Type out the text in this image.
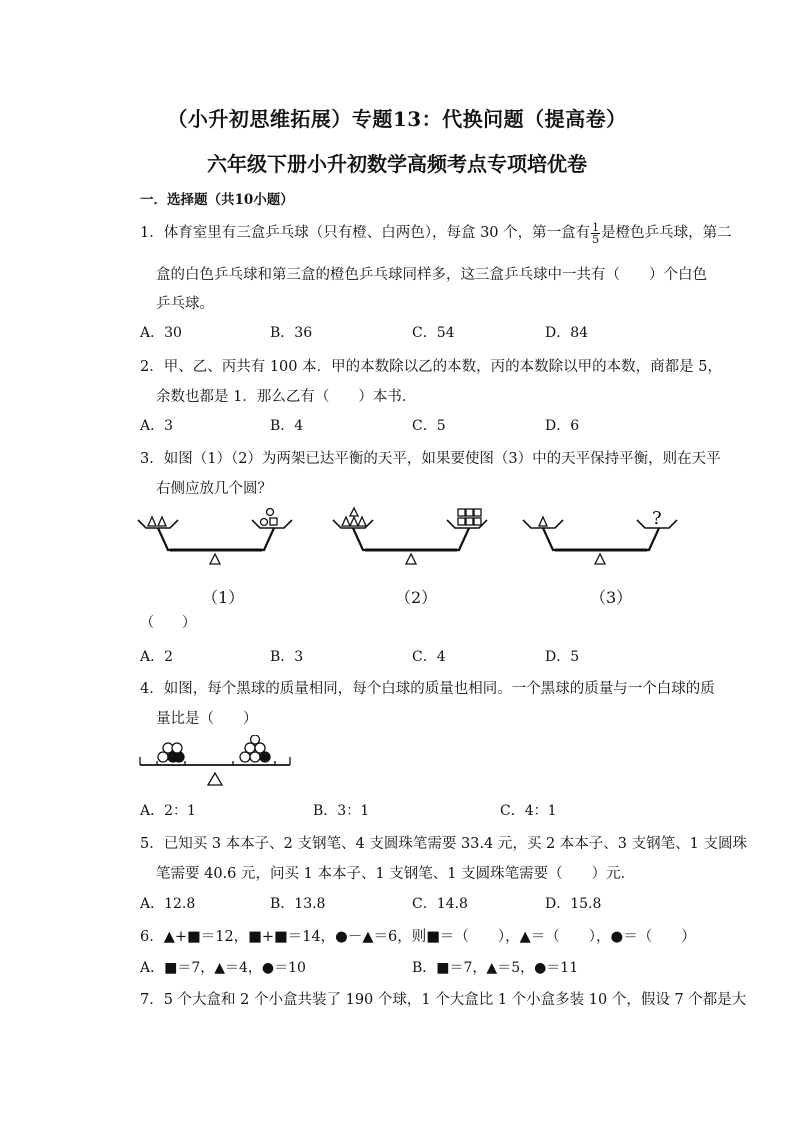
（小升初思维拓展）专题13：代换问题（提高卷）
六年级下册小升初数学高频考点专项培优卷
一．选择题（共10小题）
1．体育室里有三盒乒乓球（只有橙、白两色），每盒 30 个，第一盒有 $\frac{1}{5}$ 是橙色乒乓球，第二
盒的白色乒乓球和第三盒的橙色乒乓球同样多，这三盒乒乓球中一共有（　　）个白色
乒乓球。
A．30	B．36	C．54	D．84
2．甲、乙、丙共有 100 本．甲的本数除以乙的本数，丙的本数除以甲的本数，商都是 5，
余数也都是 1．那么乙有（　　）本书．
A．3	B．4	C．5	D．6
3．如图（1）（2）为两架已达平衡的天平，如果要使图（3）中的天平保持平衡，则在天平
右侧应放几个圆？
?
（1）	（2）	（3）
（　　）
A．2	B．3	C．4	D．5
4．如图，每个黑球的质量相同，每个白球的质量也相同。一个黑球的质量与一个白球的质
量比是（　　）
A．2：1	B．3：1	C．4：1
5．已知买 3 本本子、2 支钢笔、4 支圆珠笔需要 33.4 元，买 2 本本子、3 支钢笔、1 支圆珠
笔需要 40.6 元，问买 1 本本子、1 支钢笔、1 支圆珠笔需要（　　）元．
A．12.8	B．13.8	C．14.8	D．15.8
6．▲+■＝12，■+■＝14，●－▲＝6，则■＝（　　），▲＝（　　），●＝（　　）
A．■＝7，▲＝4，●＝10	B．■＝7，▲＝5，●＝11
7．5 个大盒和 2 个小盒共装了 190 个球，1 个大盒比 1 个小盒多装 10 个，假设 7 个都是大
